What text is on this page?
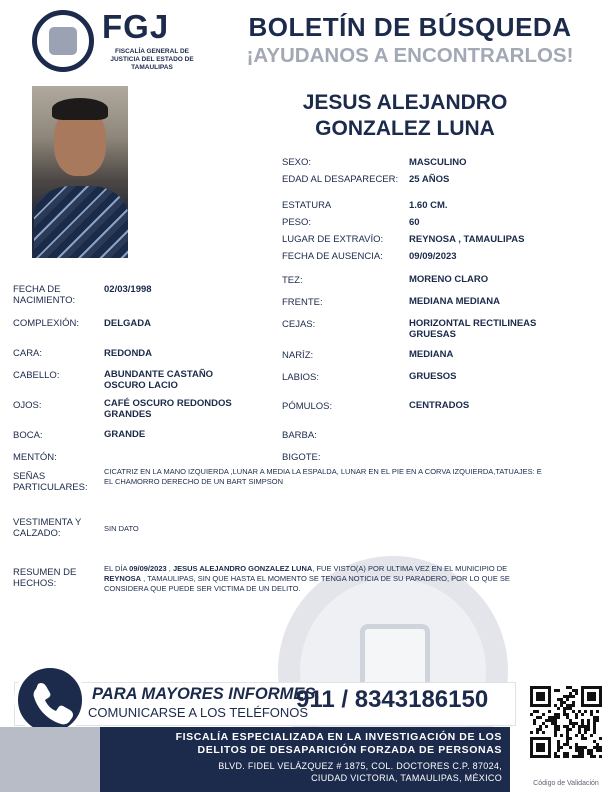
FGJ
FISCALÍA GENERAL DE JUSTICIA DEL ESTADO DE TAMAULIPAS
BOLETÍN DE BÚSQUEDA
¡AYUDANOS A ENCONTRARLOS!
JESUS ALEJANDRO
GONZALEZ LUNA
SEXO:	MASCULINO
EDAD AL DESAPARECER: 25 AÑOS
ESTATURA	1.60 CM.
PESO:	60
LUGAR DE EXTRAVÍO:	REYNOSA , TAMAULIPAS
FECHA DE AUSENCIA:	09/09/2023
TEZ:	MORENO CLARO
FRENTE:	MEDIANA MEDIANA
CEJAS:	HORIZONTAL RECTILINEAS
GRUESAS
NARÍZ:	MEDIANA
LABIOS:	GRUESOS
PÓMULOS:	CENTRADOS
BARBA:
BIGOTE:
FECHA DE
NACIMIENTO:
02/03/1998
COMPLEXIÓN:	DELGADA
CARA:	REDONDA
CABELLO:	ABUNDANTE CASTAÑO
OSCURO LACIO
OJOS:	CAFÉ OSCURO REDONDOS
GRANDES
BOCA:	GRANDE
MENTÓN:
SEÑAS
PARTICULARES:
CICATRIZ EN LA MANO IZQUIERDA ,LUNAR A MEDIA LA ESPALDA, LUNAR EN EL PIE EN A CORVA IZQUIERDA,TATUAJES: E
EL CHAMORRO DERECHO DE UN BART SIMPSON
VESTIMENTA Y
CALZADO:	SIN DATO
RESUMEN DE
HECHOS:
EL DÍA 09/09/2023 , JESUS ALEJANDRO GONZALEZ LUNA, FUE VISTO(A) POR ULTIMA VEZ EN EL MUNICIPIO DE
REYNOSA , TAMAULIPAS, SIN QUE HASTA EL MOMENTO SE TENGA NOTICIA DE SU PARADERO, POR LO QUE SE
CONSIDERA QUE PUEDE SER VICTIMA DE UN DELITO.
PARA MAYORES INFORMES,
COMUNICARSE A LOS TELÉFONOS
911 / 8343186150
FISCALÍA ESPECIALIZADA EN LA INVESTIGACIÓN DE LOS
DELITOS DE DESAPARICIÓN FORZADA DE PERSONAS
BLVD. FIDEL VELÁZQUEZ # 1875, COL. DOCTORES C.P. 87024,
CIUDAD VICTORIA, TAMAULIPAS, MÉXICO
Código de Validación
